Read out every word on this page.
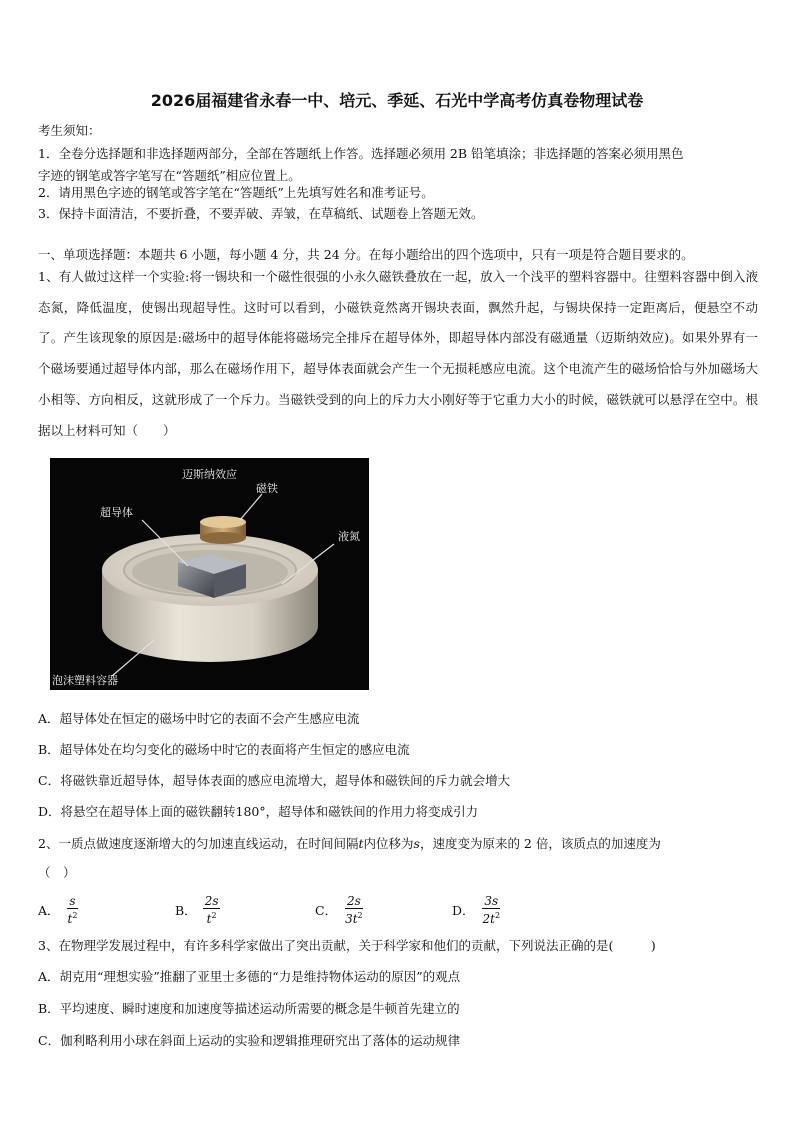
2026届福建省永春一中、培元、季延、石光中学高考仿真卷物理试卷
考生须知：
1．全卷分选择题和非选择题两部分，全部在答题纸上作答。选择题必须用 2B 铅笔填涂；非选择题的答案必须用黑色
字迹的钢笔或答字笔写在“答题纸”相应位置上。
2．请用黑色字迹的钢笔或答字笔在“答题纸”上先填写姓名和准考证号。
3．保持卡面清洁，不要折叠，不要弄破、弄皱，在草稿纸、试题卷上答题无效。
一、单项选择题：本题共 6 小题，每小题 4 分，共 24 分。在每小题给出的四个选项中，只有一项是符合题目要求的。
1、有人做过这样一个实验:将一锡块和一个磁性很强的小永久磁铁叠放在一起，放入一个浅平的塑料容器中。往塑料容器中倒入液态氮，降低温度，使锡出现超导性。这时可以看到，小磁铁竟然离开锡块表面，飘然升起，与锡块保持一定距离后，便悬空不动了。产生该现象的原因是:磁场中的超导体能将磁场完全排斥在超导体外，即超导体内部没有磁通量（迈斯纳效应)。如果外界有一个磁场要通过超导体内部，那么在磁场作用下，超导体表面就会产生一个无损耗感应电流。这个电流产生的磁场恰恰与外加磁场大小相等、方向相反，这就形成了一个斥力。当磁铁受到的向上的斥力大小刚好等于它重力大小的时候，磁铁就可以悬浮在空中。根据以上材料可知（　　）
迈斯纳效应
超导体
磁铁
液氮
泡沫塑料容器
A．超导体处在恒定的磁场中时它的表面不会产生感应电流
B．超导体处在均匀变化的磁场中时它的表面将产生恒定的感应电流
C．将磁铁靠近超导体，超导体表面的感应电流增大，超导体和磁铁间的斥力就会增大
D．将悬空在超导体上面的磁铁翻转180°，超导体和磁铁间的作用力将变成引力
2、一质点做速度逐渐增大的匀加速直线运动，在时间间隔t内位移为s，速度变为原来的 2 倍，该质点的加速度为
（　）
A． $\frac{s}{t^2}$	B． $\frac{2s}{t^2}$	C． $\frac{2s}{3t^2}$	D． $\frac{3s}{2t^2}$
3、在物理学发展过程中，有许多科学家做出了突出贡献，关于科学家和他们的贡献，下列说法正确的是(　　　)
A．胡克用“理想实验”推翻了亚里士多德的“力是维持物体运动的原因”的观点
B．平均速度、瞬时速度和加速度等描述运动所需要的概念是牛顿首先建立的
C．伽利略利用小球在斜面上运动的实验和逻辑推理研究出了落体的运动规律
